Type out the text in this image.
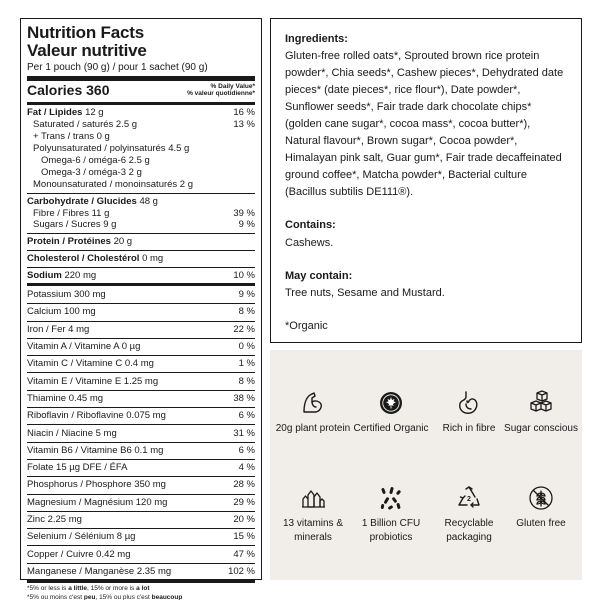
Nutrition Facts
Valeur nutritive
Per 1 pouch (90 g) / pour 1 sachet (90 g)
Calories 360	% Daily Value*
% valeur quotidienne*
Fat / Lipides 12 g	16 %
Saturated / saturés 2.5 g	13 %
+ Trans / trans 0 g
Polyunsaturated / polyinsaturés 4.5 g
Omega-6 / oméga-6 2.5 g
Omega-3 / oméga-3 2 g
Monounsaturated / monoinsaturés 2 g
Carbohydrate / Glucides 48 g
Fibre / Fibres 11 g	39 %
Sugars / Sucres 9 g	9 %
Protein / Protéines 20 g
Cholesterol / Cholestérol 0 mg
Sodium 220 mg	10 %
Potassium 300 mg	9 %
Calcium 100 mg	8 %
Iron / Fer 4 mg	22 %
Vitamin A / Vitamine A 0 µg	0 %
Vitamin C / Vitamine C 0.4 mg	1 %
Vitamin E / Vitamine E 1.25 mg	8 %
Thiamine 0.45 mg	38 %
Riboflavin / Riboflavine 0.075 mg	6 %
Niacin / Niacine 5 mg	31 %
Vitamin B6 / Vitamine B6 0.1 mg	6 %
Folate 15 µg DFE / ÉFA	4 %
Phosphorus / Phosphore 350 mg	28 %
Magnesium / Magnésium 120 mg	29 %
Zinc 2.25 mg	20 %
Selenium / Sélénium 8 µg	15 %
Copper / Cuivre 0.42 mg	47 %
Manganese / Manganèse 2.35 mg	102 %
*5% or less is a little, 15% or more is a lot
*5% ou moins c'est peu, 15% ou plus c'est beaucoup
Ingredients:

Gluten-free rolled oats*, Sprouted brown rice protein powder*, Chia seeds*, Cashew pieces*, Dehydrated date pieces* (date pieces*, rice flour*), Date powder*, Sunflower seeds*, Fair trade dark chocolate chips* (golden cane sugar*, cocoa mass*, cocoa butter*), Natural flavour*, Brown sugar*, Cocoa powder*, Himalayan pink salt, Guar gum*, Fair trade decaffeinated ground coffee*, Matcha powder*, Bacterial culture (Bacillus subtilis DE111®).

Contains:

Cashews.

May contain:

Tree nuts, Sesame and Mustard.

*Organic

20g plant protein Certified Organic	Rich in fibre Sugar conscious
13 vitamins & minerals
1 Billion CFU probiotics
2
Recyclable packaging
Gluten free
